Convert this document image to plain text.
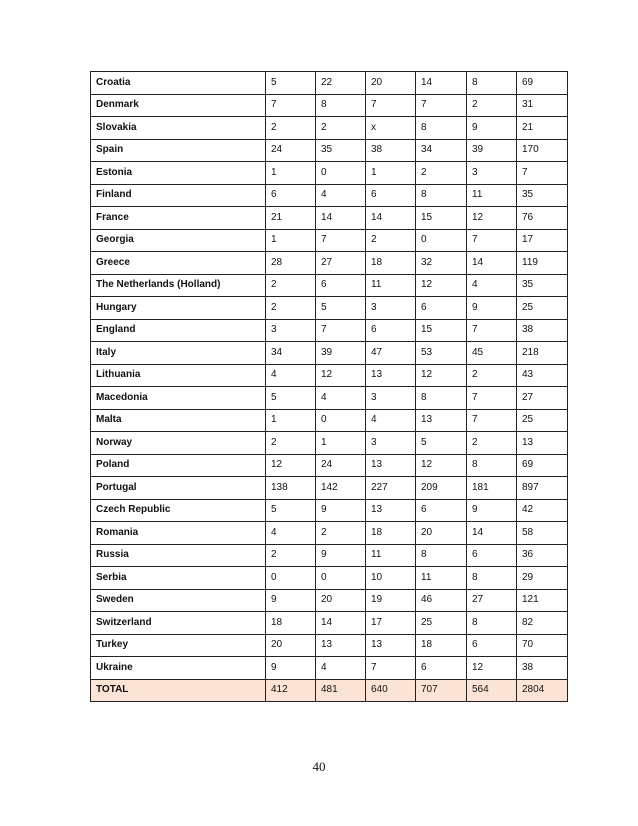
Croatia	5	22	20	14	8	69
Denmark	7	8	7	7	2	31
Slovakia	2	2	x	8	9	21
Spain	24	35	38	34	39	170
Estonia	1	0	1	2	3	7
Finland	6	4	6	8	11	35
France	21	14	14	15	12	76
Georgia	1	7	2	0	7	17
Greece	28	27	18	32	14	119
The Netherlands (Holland)	2	6	11	12	4	35
Hungary	2	5	3	6	9	25
England	3	7	6	15	7	38
Italy	34	39	47	53	45	218
Lithuania	4	12	13	12	2	43
Macedonia	5	4	3	8	7	27
Malta	1	0	4	13	7	25
Norway	2	1	3	5	2	13
Poland	12	24	13	12	8	69
Portugal	138	142	227	209	181	897
Czech Republic	5	9	13	6	9	42
Romania	4	2	18	20	14	58
Russia	2	9	11	8	6	36
Serbia	0	0	10	11	8	29
Sweden	9	20	19	46	27	121
Switzerland	18	14	17	25	8	82
Turkey	20	13	13	18	6	70
Ukraine	9	4	7	6	12	38
TOTAL	412	481	640	707	564	2804
40
